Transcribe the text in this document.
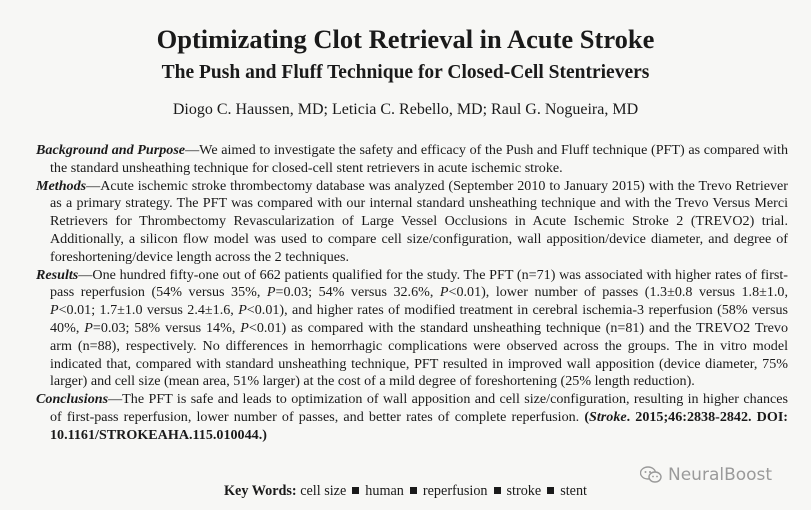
Optimizating Clot Retrieval in Acute Stroke
The Push and Fluff Technique for Closed-Cell Stentrievers
Diogo C. Haussen, MD; Leticia C. Rebello, MD; Raul G. Nogueira, MD

Background and Purpose—We aimed to investigate the safety and efficacy of the Push and Fluff technique (PFT) as compared with the standard unsheathing technique for closed-cell stent retrievers in acute ischemic stroke.

Methods—Acute ischemic stroke thrombectomy database was analyzed (September 2010 to January 2015) with the Trevo Retriever as a primary strategy. The PFT was compared with our internal standard unsheathing technique and with the Trevo Versus Merci Retrievers for Thrombectomy Revascularization of Large Vessel Occlusions in Acute Ischemic Stroke 2 (TREVO2) trial. Additionally, a silicon flow model was used to compare cell size/configuration, wall apposition/device diameter, and degree of foreshortening/device length across the 2 techniques.

Results—One hundred fifty-one out of 662 patients qualified for the study. The PFT (n=71) was associated with higher rates of first-pass reperfusion (54% versus 35%, P=0.03; 54% versus 32.6%, P<0.01), lower number of passes (1.3±0.8 versus 1.8±1.0, P<0.01; 1.7±1.0 versus 2.4±1.6, P<0.01), and higher rates of modified treatment in cerebral ischemia-3 reperfusion (58% versus 40%, P=0.03; 58% versus 14%, P<0.01) as compared with the standard unsheathing technique (n=81) and the TREVO2 Trevo arm (n=88), respectively. No differences in hemorrhagic complications were observed across the groups. The in vitro model indicated that, compared with standard unsheathing technique, PFT resulted in improved wall apposition (device diameter, 75% larger) and cell size (mean area, 51% larger) at the cost of a mild degree of foreshortening (25% length reduction).

Conclusions—The PFT is safe and leads to optimization of wall apposition and cell size/configuration, resulting in higher chances of first-pass reperfusion, lower number of passes, and better rates of complete reperfusion. (Stroke. 2015;46:2838-2842. DOI: 10.1161/STROKEAHA.115.010044.)

NeuralBoost
Key Words: cell size human reperfusion stroke stent
